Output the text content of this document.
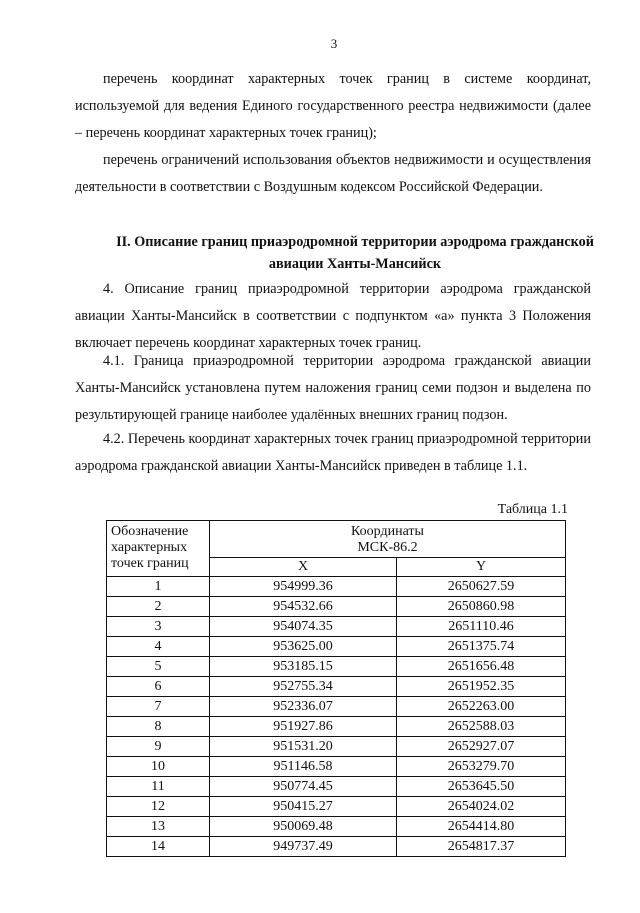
3

перечень координат характерных точек границ в системе координат, используемой для ведения Единого государственного реестра недвижимости (далее – перечень координат характерных точек границ);

перечень ограничений использования объектов недвижимости и осуществления деятельности в соответствии с Воздушным кодексом Российской Федерации.

II. Описание границ приаэродромной территории аэродрома гражданской
авиации Ханты-Мансийск

4. Описание границ приаэродромной территории аэродрома гражданской авиации Ханты-Мансийск в соответствии с подпунктом «а» пункта 3 Положения включает перечень координат характерных точек границ.

4.1. Граница приаэродромной территории аэродрома гражданской авиации Ханты-Мансийск установлена путем наложения границ семи подзон и выделена по результирующей границе наиболее удалённых внешних границ подзон.

4.2. Перечень координат характерных точек границ приаэродромной территории аэродрома гражданской авиации Ханты-Мансийск приведен в таблице 1.1.

Таблица 1.1
Обозначение характерных точек границ	Координаты
МСК-86.2	

	X	Y
1	954999.36	2650627.59
2	954532.66	2650860.98
3	954074.35	2651110.46
4	953625.00	2651375.74
5	953185.15	2651656.48
6	952755.34	2651952.35
7	952336.07	2652263.00
8	951927.86	2652588.03
9	951531.20	2652927.07
10	951146.58	2653279.70
11	950774.45	2653645.50
12	950415.27	2654024.02
13	950069.48	2654414.80
14	949737.49	2654817.37
